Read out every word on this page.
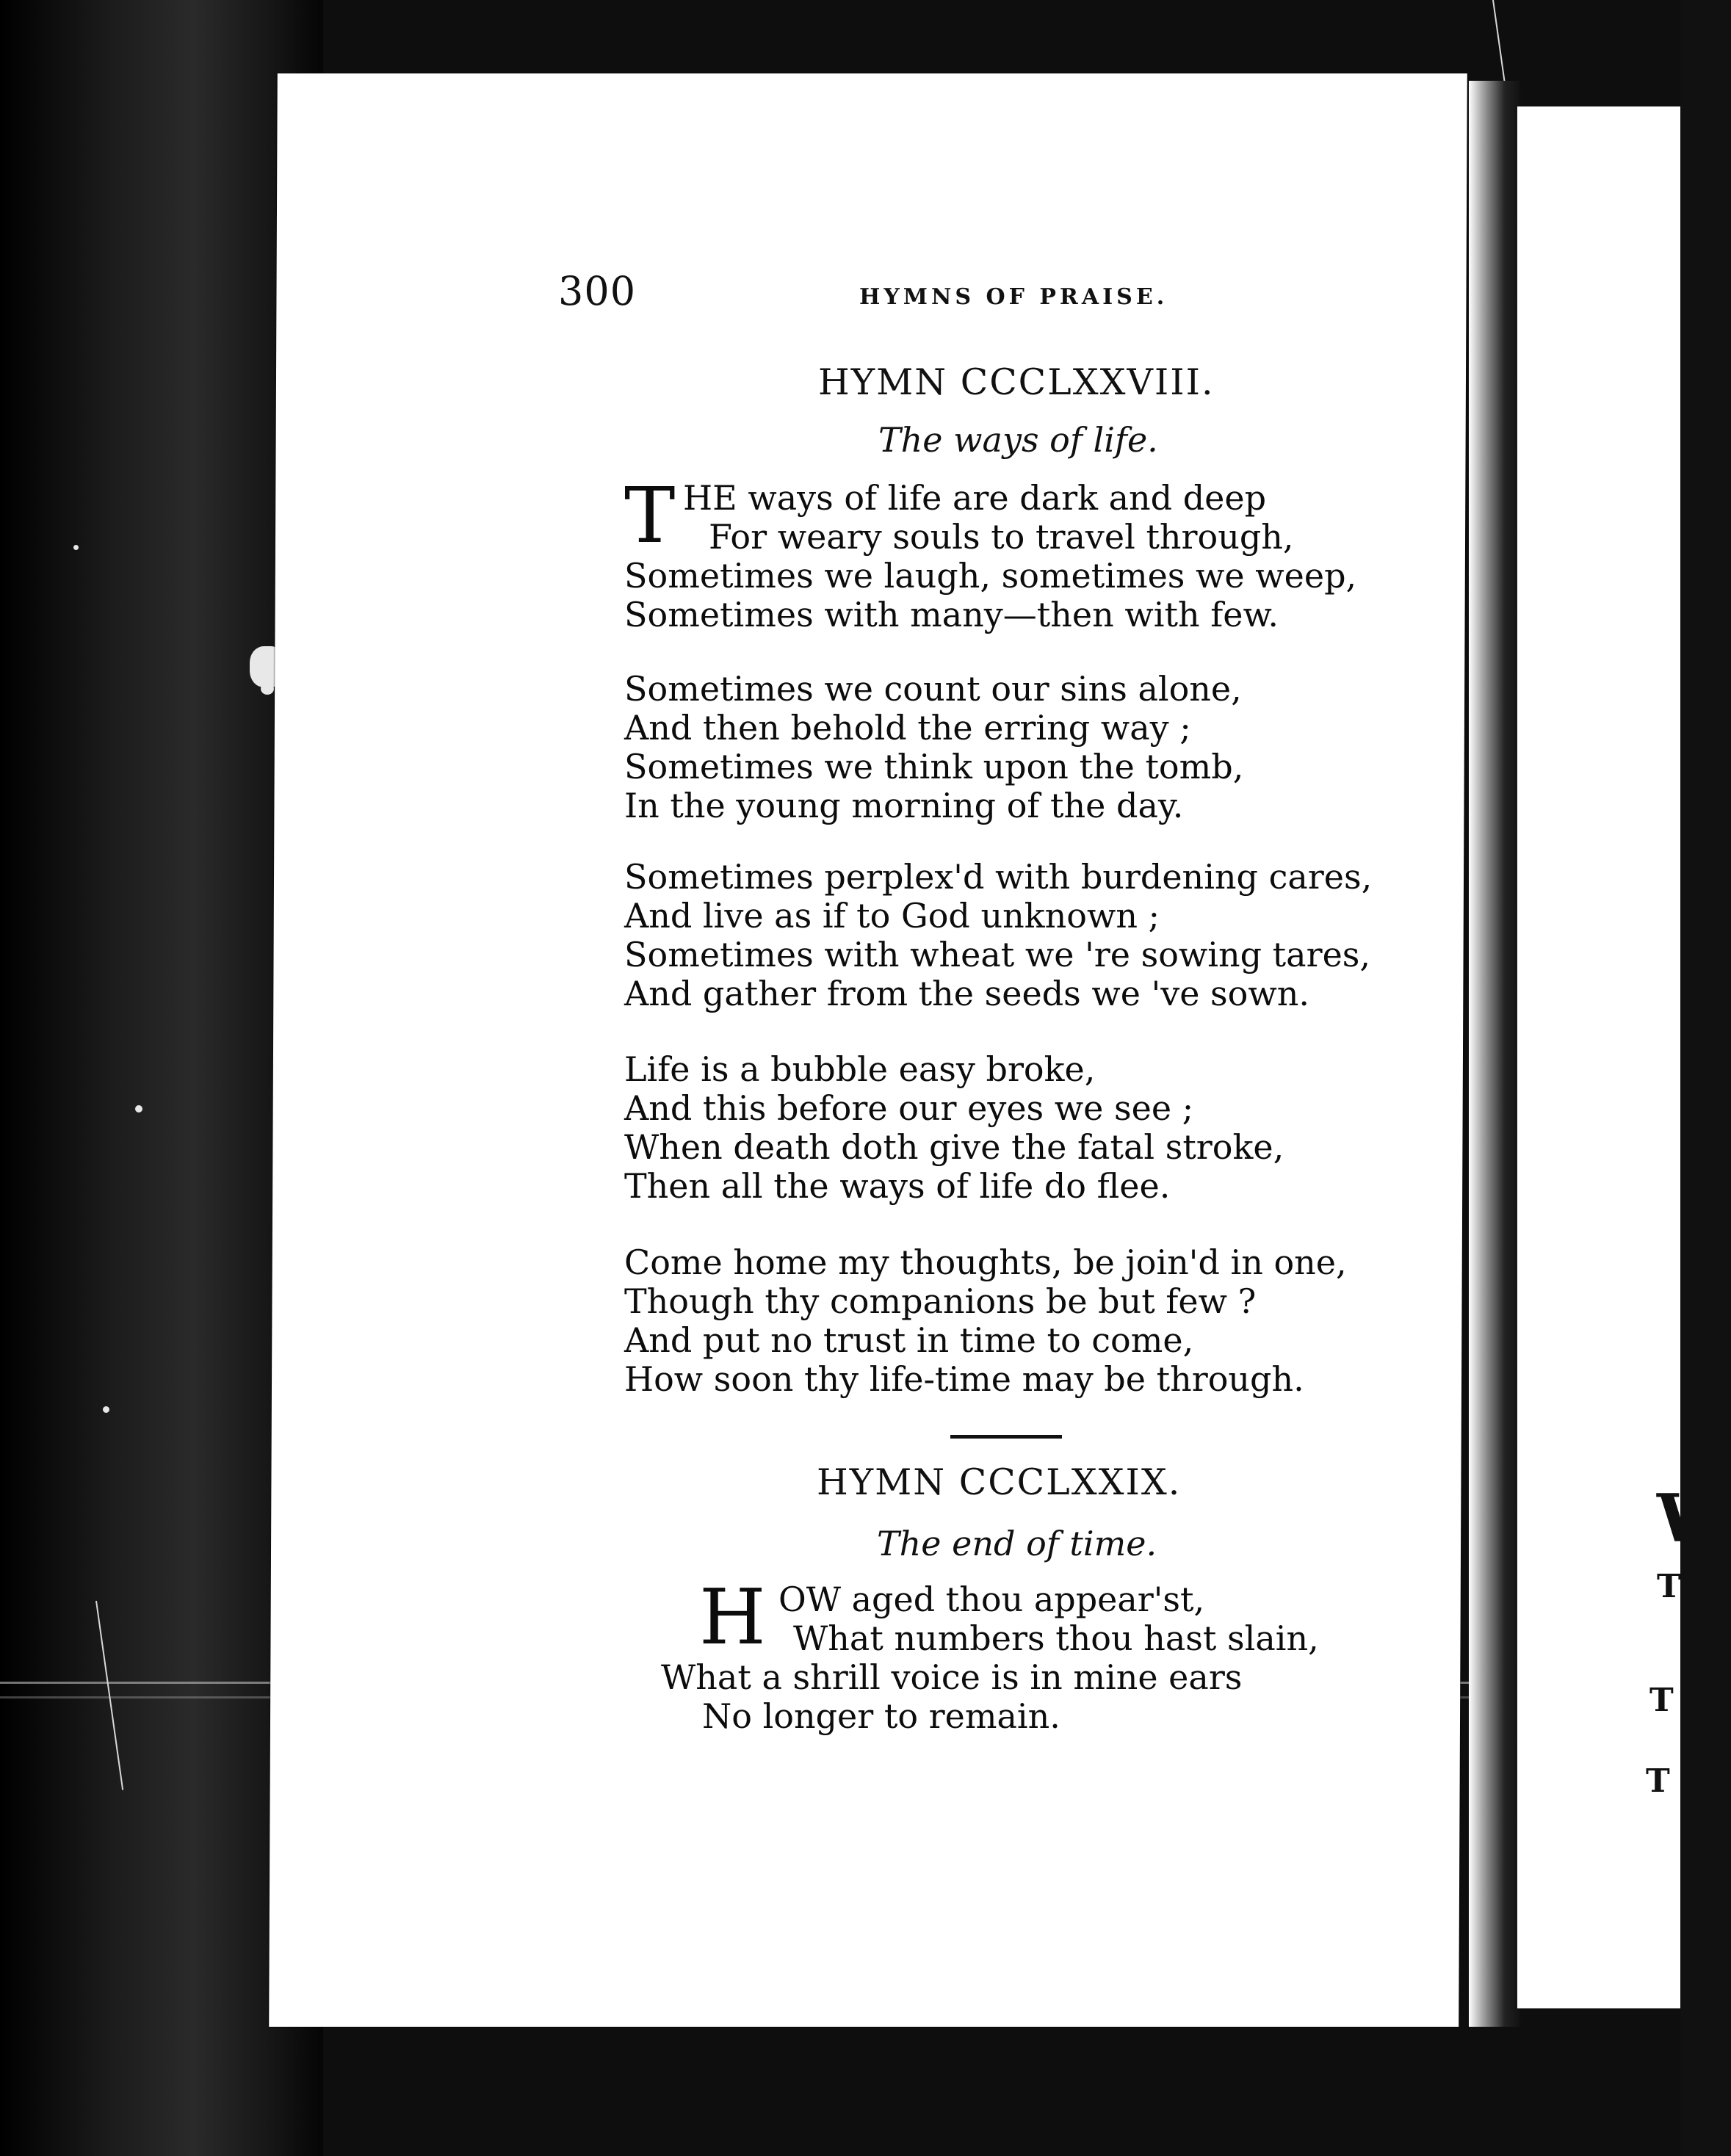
W
T
T
T
300	HYMNS OF PRAISE.
HYMN CCCLXXVIII.
The ways of life.
T HE ways of life are dark and deep
For weary souls to travel through,
Sometimes we laugh, sometimes we weep,
Sometimes with many—then with few.
Sometimes we count our sins alone,
And then behold the erring way ;
Sometimes we think upon the tomb,
In the young morning of the day.
Sometimes perplex'd with burdening cares,
And live as if to God unknown ;
Sometimes with wheat we 're sowing tares,
And gather from the seeds we 've sown.
Life is a bubble easy broke,
And this before our eyes we see ;
When death doth give the fatal stroke,
Then all the ways of life do flee.
Come home my thoughts, be join'd in one,
Though thy companions be but few ?
And put no trust in time to come,
How soon thy life-time may be through.
HYMN CCCLXXIX.
The end of time.
H OW aged thou appear'st,
What numbers thou hast slain,
What a shrill voice is in mine ears
No longer to remain.
